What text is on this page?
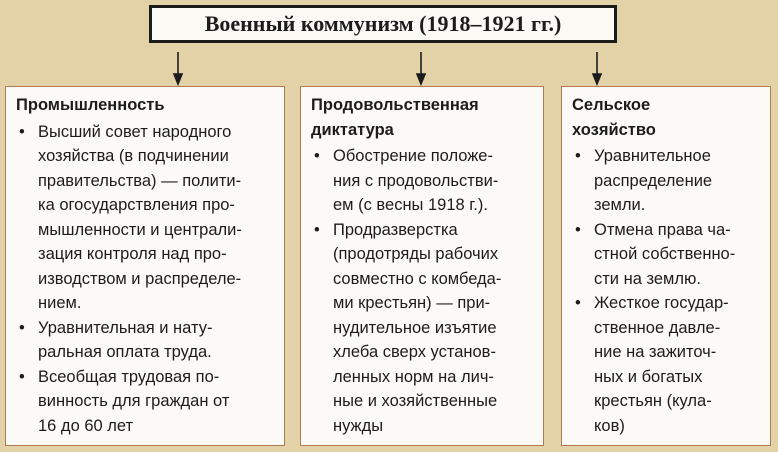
Военный коммунизм (1918–1921 гг.)
Промышленность
• Высший совет народного
хозяйства (в подчинении
правительства) — полити-
ка огосударствления про-
мышленности и централи-
зация контроля над про-
изводством и распределе-
нием.
• Уравнительная и нату-
ральная оплата труда.
• Всеобщая трудовая по-
винность для граждан от
16 до 60 лет
Продовольственная
диктатура
• Обострение положе-
ния с продовольстви-
ем (с весны 1918 г.).
• Продразверстка
(продотряды рабочих
совместно с комбеда-
ми крестьян) — при-
нудительное изъятие
хлеба сверх установ-
ленных норм на лич-
ные и хозяйственные
нужды
Сельское
хозяйство
• Уравнительное
распределение
земли.
• Отмена права ча-
стной собственно-
сти на землю.
• Жесткое государ-
ственное давле-
ние на зажиточ-
ных и богатых
крестьян (кула-
ков)
